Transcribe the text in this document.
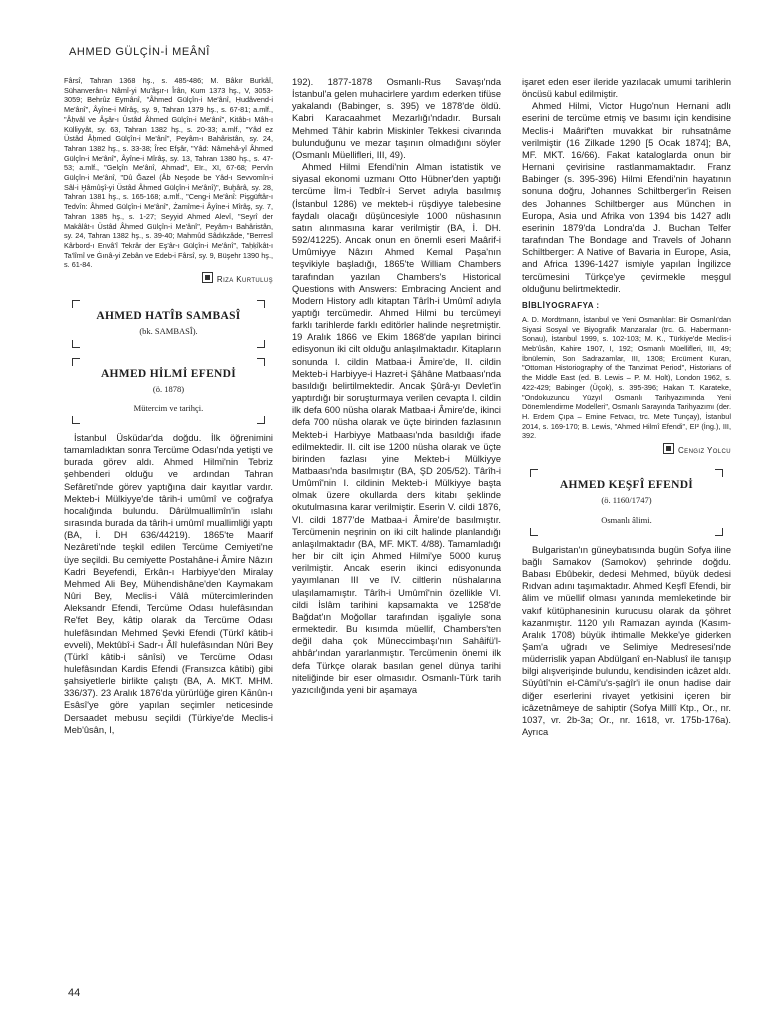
AHMED GÜLÇİN-İ MEÂNÎ

Fârsî, Tahran 1368 hş., s. 485-486; M. Bâkır Burkâî, Sühanverân-ı Nâmî-yi Mu'âşır-ı Îrân, Kum 1373 hş., V, 3053-3059; Behrûz Eymânî, "Âhmed Gülçîn-i Me'ânî, Ḥudâvend-i Me'ânî", Âyîne-i Mîrâş, sy. 9, Tahran 1379 hş., s. 67-81; a.mlf., "Âḥvâl ve Âşâr-ı Üstâd Âhmed Gülçîn-i Me'ânî", Kitâb-ı Mâh-ı Külliyyât, sy. 63, Tahran 1382 hş., s. 20-33; a.mlf., "Yâd ez Üstâd Âḥmed Gülçîn-i Me'ânî", Peyâm-ı Bahâristân, sy. 24, Tahran 1382 hş., s. 33-38; Îrec Efşâr, "Yâd: Nâmehâ-yî Âhmed Gülçîn-i Me'ânî", Âyîne-i Mîrâş, sy. 13, Tahran 1380 hş., s. 47-53; a.mlf., "Gelçîn Me'ânî, Ahmad", EIr., XI, 67-68; Pervîn Gülçîn-i Me'ânî, "Dû Ğazel (Âb Neşode be Yâd-ı Sevvomîn-i Sâl-i Ḫâmûşî-yi Üstâd Âhmed Gülçîn-i Me'ânî)", Buḫârâ, sy. 28, Tahran 1381 hş., s. 165-168; a.mlf., "Ceng-i Me'ânî: Pişgüftâr-ı Tedvîn: Âhmed Gülçîn-i Me'ânî", Żamîme-i Âyîne-i Mîrâş, sy. 7, Tahran 1385 hş., s. 1-27; Seyyid Ahmed Alevî, "Seyrî der Makâlât-ı Üstâd Âhmed Gülçîn-i Me'ânî", Peyâm-ı Bahâristân, sy. 24, Tahran 1382 hş., s. 39-40; Mahmûd Sâdıkzâde, "Berresî Kârbord-ı Envâ'î Tekrâr der Eş'âr-ı Gülçîn-i Me'ânî", Taḥḳîkât-ı Ta'lîmî ve Ġınâ-yi Zebân ve Edeb-i Fârsî, sy. 9, Büşehr 1390 hş., s. 61-84.

Rıza Kurtuluş
AHMED HATÎB SAMBASÎ
(bk. SAMBASÎ).
AHMED HİLMİ EFENDİ
(ö. 1878)
Mütercim ve tarihçi.

İstanbul Üsküdar'da doğdu. İlk öğrenimini tamamladıktan sonra Tercüme Odası'nda yetişti ve burada görev aldı. Ahmed Hilmi'nin Tebriz şehbenderi olduğu ve ardından Tahran Sefâreti'nde görev yaptığına dair kayıtlar vardır. Mekteb-i Mülkiyye'de târih-i umûmî ve coğrafya hocalığında bulundu. Dârülmuallimîn'in ıslahı sırasında burada da târih-i umûmî muallimliği yaptı (BA, İ. DH 636/44219). 1865'te Maarif Nezâreti'nde teşkil edilen Tercüme Cemiyeti'ne üye seçildi. Bu cemiyette Postahâne-i Âmire Nâzırı Kadri Beyefendi, Erkân-ı Harbiyye'den Miralay Mehmed Ali Bey, Mühendishâne'den Kaymakam Nûri Bey, Meclis-i Vâlâ mütercimlerinden Aleksandr Efendi, Tercüme Odası hulefâsından Re'fet Bey, kâtip olarak da Tercüme Odası hulefâsından Mehmed Şevki Efendi (Türkî kâtib-i evveli), Mektûbî-i Sadr-ı Âlî hulefâsından Nûri Bey (Türkî kâtib-i sânîsi) ve Tercüme Odası hulefâsından Kardis Efendi (Fransızca kâtibi) gibi şahsiyetlerle birlikte çalıştı (BA, A. MKT. MHM. 336/37). 23 Aralık 1876'da yürürlüğe giren Kānûn-ı Esâsî'ye göre yapılan seçimler neticesinde Dersaadet mebusu seçildi (Türkiye'de Meclis-i Meb'ûsân, I,

192). 1877-1878 Osmanlı-Rus Savaşı'nda İstanbul'a gelen muhacirlere yardım ederken tifüse yakalandı (Babinger, s. 395) ve 1878'de öldü. Kabri Karacaahmet Mezarlığı'ndadır. Bursalı Mehmed Tâhir kabrin Miskinler Tekkesi civarında bulunduğunu ve mezar taşının olmadığını söyler (Osmanlı Müellifleri, III, 49).

Ahmed Hilmi Efendi'nin Alman istatistik ve siyasal ekonomi uzmanı Otto Hübner'den yaptığı tercüme İlm-i Tedbîr-i Servet adıyla basılmış (İstanbul 1286) ve mekteb-i rüşdiyye talebesine faydalı olacağı düşüncesiyle 1000 nüshasının satın alınmasına karar verilmiştir (BA, İ. DH. 592/41225). Ancak onun en önemli eseri Maârif-i Umûmiyye Nâzırı Ahmed Kemal Paşa'nın teşvikiyle başladığı, 1865'te William Chambers tarafından yazılan Chambers's Historical Questions with Answers: Embracing Ancient and Modern History adlı kitaptan Târîh-i Umûmî adıyla yaptığı tercümedir. Ahmed Hilmi bu tercümeyi farklı tarihlerde farklı editörler halinde neşretmiştir. 19 Aralık 1866 ve Ekim 1868'de yapılan birinci edisyonun iki cilt olduğu anlaşılmaktadır. Kitapların sonunda I. cildin Matbaa-i Âmire'de, II. cildin Mekteb-i Harbiyye-i Hazret-i Şâhâne Matbaası'nda basıldığı belirtilmektedir. Ancak Şûrâ-yı Devlet'in yaptırdığı bir soruşturmaya verilen cevapta I. cildin ilk defa 600 nüsha olarak Matbaa-i Âmire'de, ikinci defa 700 nüsha olarak ve üçte birinden fazlasının Mekteb-i Harbiyye Matbaası'nda basıldığı ifade edilmektedir. II. cilt ise 1200 nüsha olarak ve üçte birinden fazlası yine Mekteb-i Mülkiyye Matbaası'nda basılmıştır (BA, ŞD 205/52). Târîh-i Umûmî'nin I. cildinin Mekteb-i Mülkiyye başta olmak üzere okullarda ders kitabı şeklinde okutulmasına karar verilmiştir. Eserin V. cildi 1876, VI. cildi 1877'de Matbaa-i Âmire'de basılmıştır. Tercümenin neşrinin on iki cilt halinde planlandığı anlaşılmaktadır (BA, MF. MKT. 4/88). Tamamladığı her bir cilt için Ahmed Hilmi'ye 5000 kuruş verilmiştir. Ancak eserin ikinci edisyonunda yayımlanan III ve IV. ciltlerin nüshalarına ulaşılamamıştır. Târîh-i Umûmî'nin özellikle VI. cildi İslâm tarihini kapsamakta ve 1258'de Bağdat'ın Moğollar tarafından işgaliyle sona ermektedir. Bu kısımda müellif, Chambers'ten değil daha çok Müneccimbaşı'nın Sahâifü'l-ahbâr'ından yararlanmıştır. Tercümenin önemi ilk defa Türkçe olarak basılan genel dünya tarihi niteliğinde bir eser olmasıdır. Osmanlı-Türk tarih yazıcılığında yeni bir aşamaya

işaret eden eser ileride yazılacak umumi tarihlerin öncüsü kabul edilmiştir.

Ahmed Hilmi, Victor Hugo'nun Hernani adlı eserini de tercüme etmiş ve basımı için kendisine Meclis-i Maârif'ten muvakkat bir ruhsatnâme verilmiştir (16 Zilkade 1290 [5 Ocak 1874]; BA, MF. MKT. 16/66). Fakat kataloglarda onun bir Hernani çevirisine rastlanmamaktadır. Franz Babinger (s. 395-396) Hilmi Efendi'nin hayatının sonuna doğru, Johannes Schiltberger'in Reisen des Johannes Schiltberger aus München in Europa, Asia und Afrika von 1394 bis 1427 adlı eserinin 1879'da Londra'da J. Buchan Telfer tarafından The Bondage and Travels of Johann Schiltberger: A Native of Bavaria in Europe, Asia, and Africa 1396-1427 ismiyle yapılan İngilizce tercümesini Türkçe'ye çevirmekle meşgul olduğunu belirtmektedir.

BİBLİYOGRAFYA :

A. D. Mordtmann, İstanbul ve Yeni Osmanlılar: Bir Osmanlı'dan Siyasi Sosyal ve Biyografik Manzaralar (trc. G. Habermann-Sonau), İstanbul 1999, s. 102-103; M. K., Türkiye'de Meclis-i Meb'ûsân, Kahire 1907, I, 192; Osmanlı Müellifleri, III, 49; İbnülemin, Son Sadrazamlar, III, 1308; Ercüment Kuran, "Ottoman Historiography of the Tanzimat Period", Historians of the Middle East (ed. B. Lewis – P. M. Holt), London 1962, s. 422-429; Babinger (Üçok), s. 395-396; Hakan T. Karateke, "Ondokuzuncu Yüzyıl Osmanlı Tarihyazımında Yeni Dönemlendirme Modelleri", Osmanlı Sarayında Tarihyazımı (der. H. Erdem Çıpa – Emine Fetvacı, trc. Mete Tunçay), İstanbul 2014, s. 169-170; B. Lewis, "Ahmed Hilmî Efendi", EI² (İng.), III, 392.

Cengiz Yolcu
AHMED KEŞFÎ EFENDİ
(ö. 1160/1747)
Osmanlı âlimi.

Bulgaristan'ın güneybatısında bugün Sofya iline bağlı Samakov (Samokov) şehrinde doğdu. Babası Ebûbekir, dedesi Mehmed, büyük dedesi Rıdvan adını taşımaktadır. Ahmed Keşfî Efendi, bir âlim ve müellif olması yanında memleketinde bir vakıf kütüphanesinin kurucusu olarak da şöhret kazanmıştır. 1120 yılı Ramazan ayında (Kasım-Aralık 1708) büyük ihtimalle Mekke'ye giderken Şam'a uğradı ve Selimiye Medresesi'nde müderrislik yapan Abdülganî en-Nablusî ile tanışıp bilgi alışverişinde bulundu, kendisinden icâzet aldı. Süyûtî'nin el-Câmi'u's-ṣaġîr'i ile onun hadise dair diğer eserlerini rivayet yetkisini içeren bir icâzetnâmeye de sahiptir (Sofya Millî Ktp., Or., nr. 1037, vr. 2b-3a; Or., nr. 1618, vr. 175b-176a). Ayrıca

44
